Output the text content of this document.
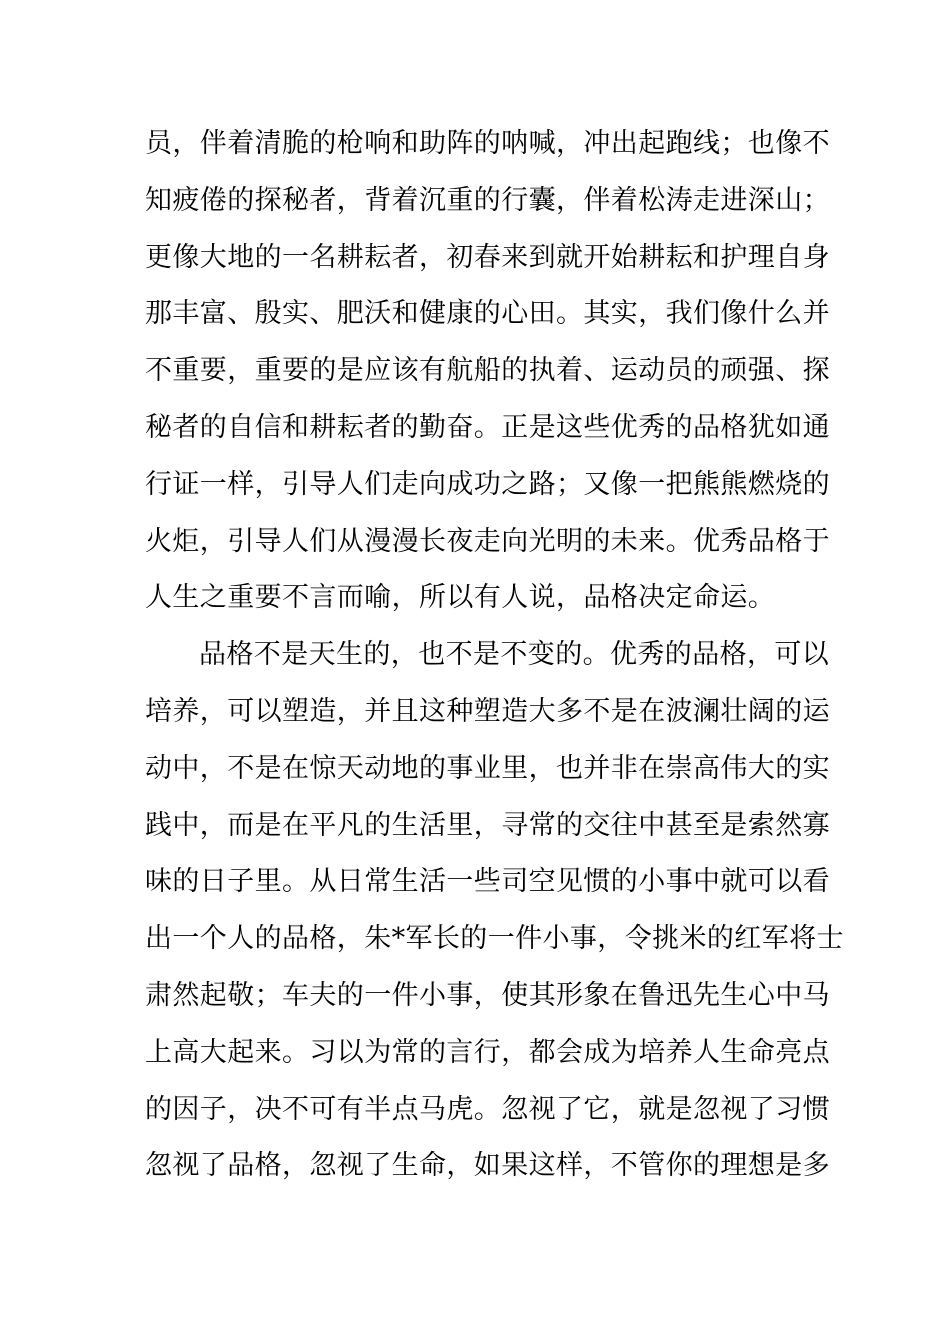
员，伴着清脆的枪响和助阵的呐喊，冲出起跑线；也像不
知疲倦的探秘者，背着沉重的行囊，伴着松涛走进深山；
更像大地的一名耕耘者，初春来到就开始耕耘和护理自身
那丰富、殷实、肥沃和健康的心田。其实，我们像什么并
不重要，重要的是应该有航船的执着、运动员的顽强、探
秘者的自信和耕耘者的勤奋。正是这些优秀的品格犹如通
行证一样，引导人们走向成功之路；又像一把熊熊燃烧的
火炬，引导人们从漫漫长夜走向光明的未来。优秀品格于
人生之重要不言而喻，所以有人说，品格决定命运。
品格不是天生的，也不是不变的。优秀的品格，可以
培养，可以塑造，并且这种塑造大多不是在波澜壮阔的运
动中，不是在惊天动地的事业里，也并非在崇高伟大的实
践中，而是在平凡的生活里，寻常的交往中甚至是索然寡
味的日子里。从日常生活一些司空见惯的小事中就可以看
出一个人的品格，朱*军长的一件小事，令挑米的红军将士
肃然起敬；车夫的一件小事，使其形象在鲁迅先生心中马
上高大起来。习以为常的言行，都会成为培养人生命亮点
的因子，决不可有半点马虎。忽视了它，就是忽视了习惯
忽视了品格，忽视了生命，如果这样，不管你的理想是多
